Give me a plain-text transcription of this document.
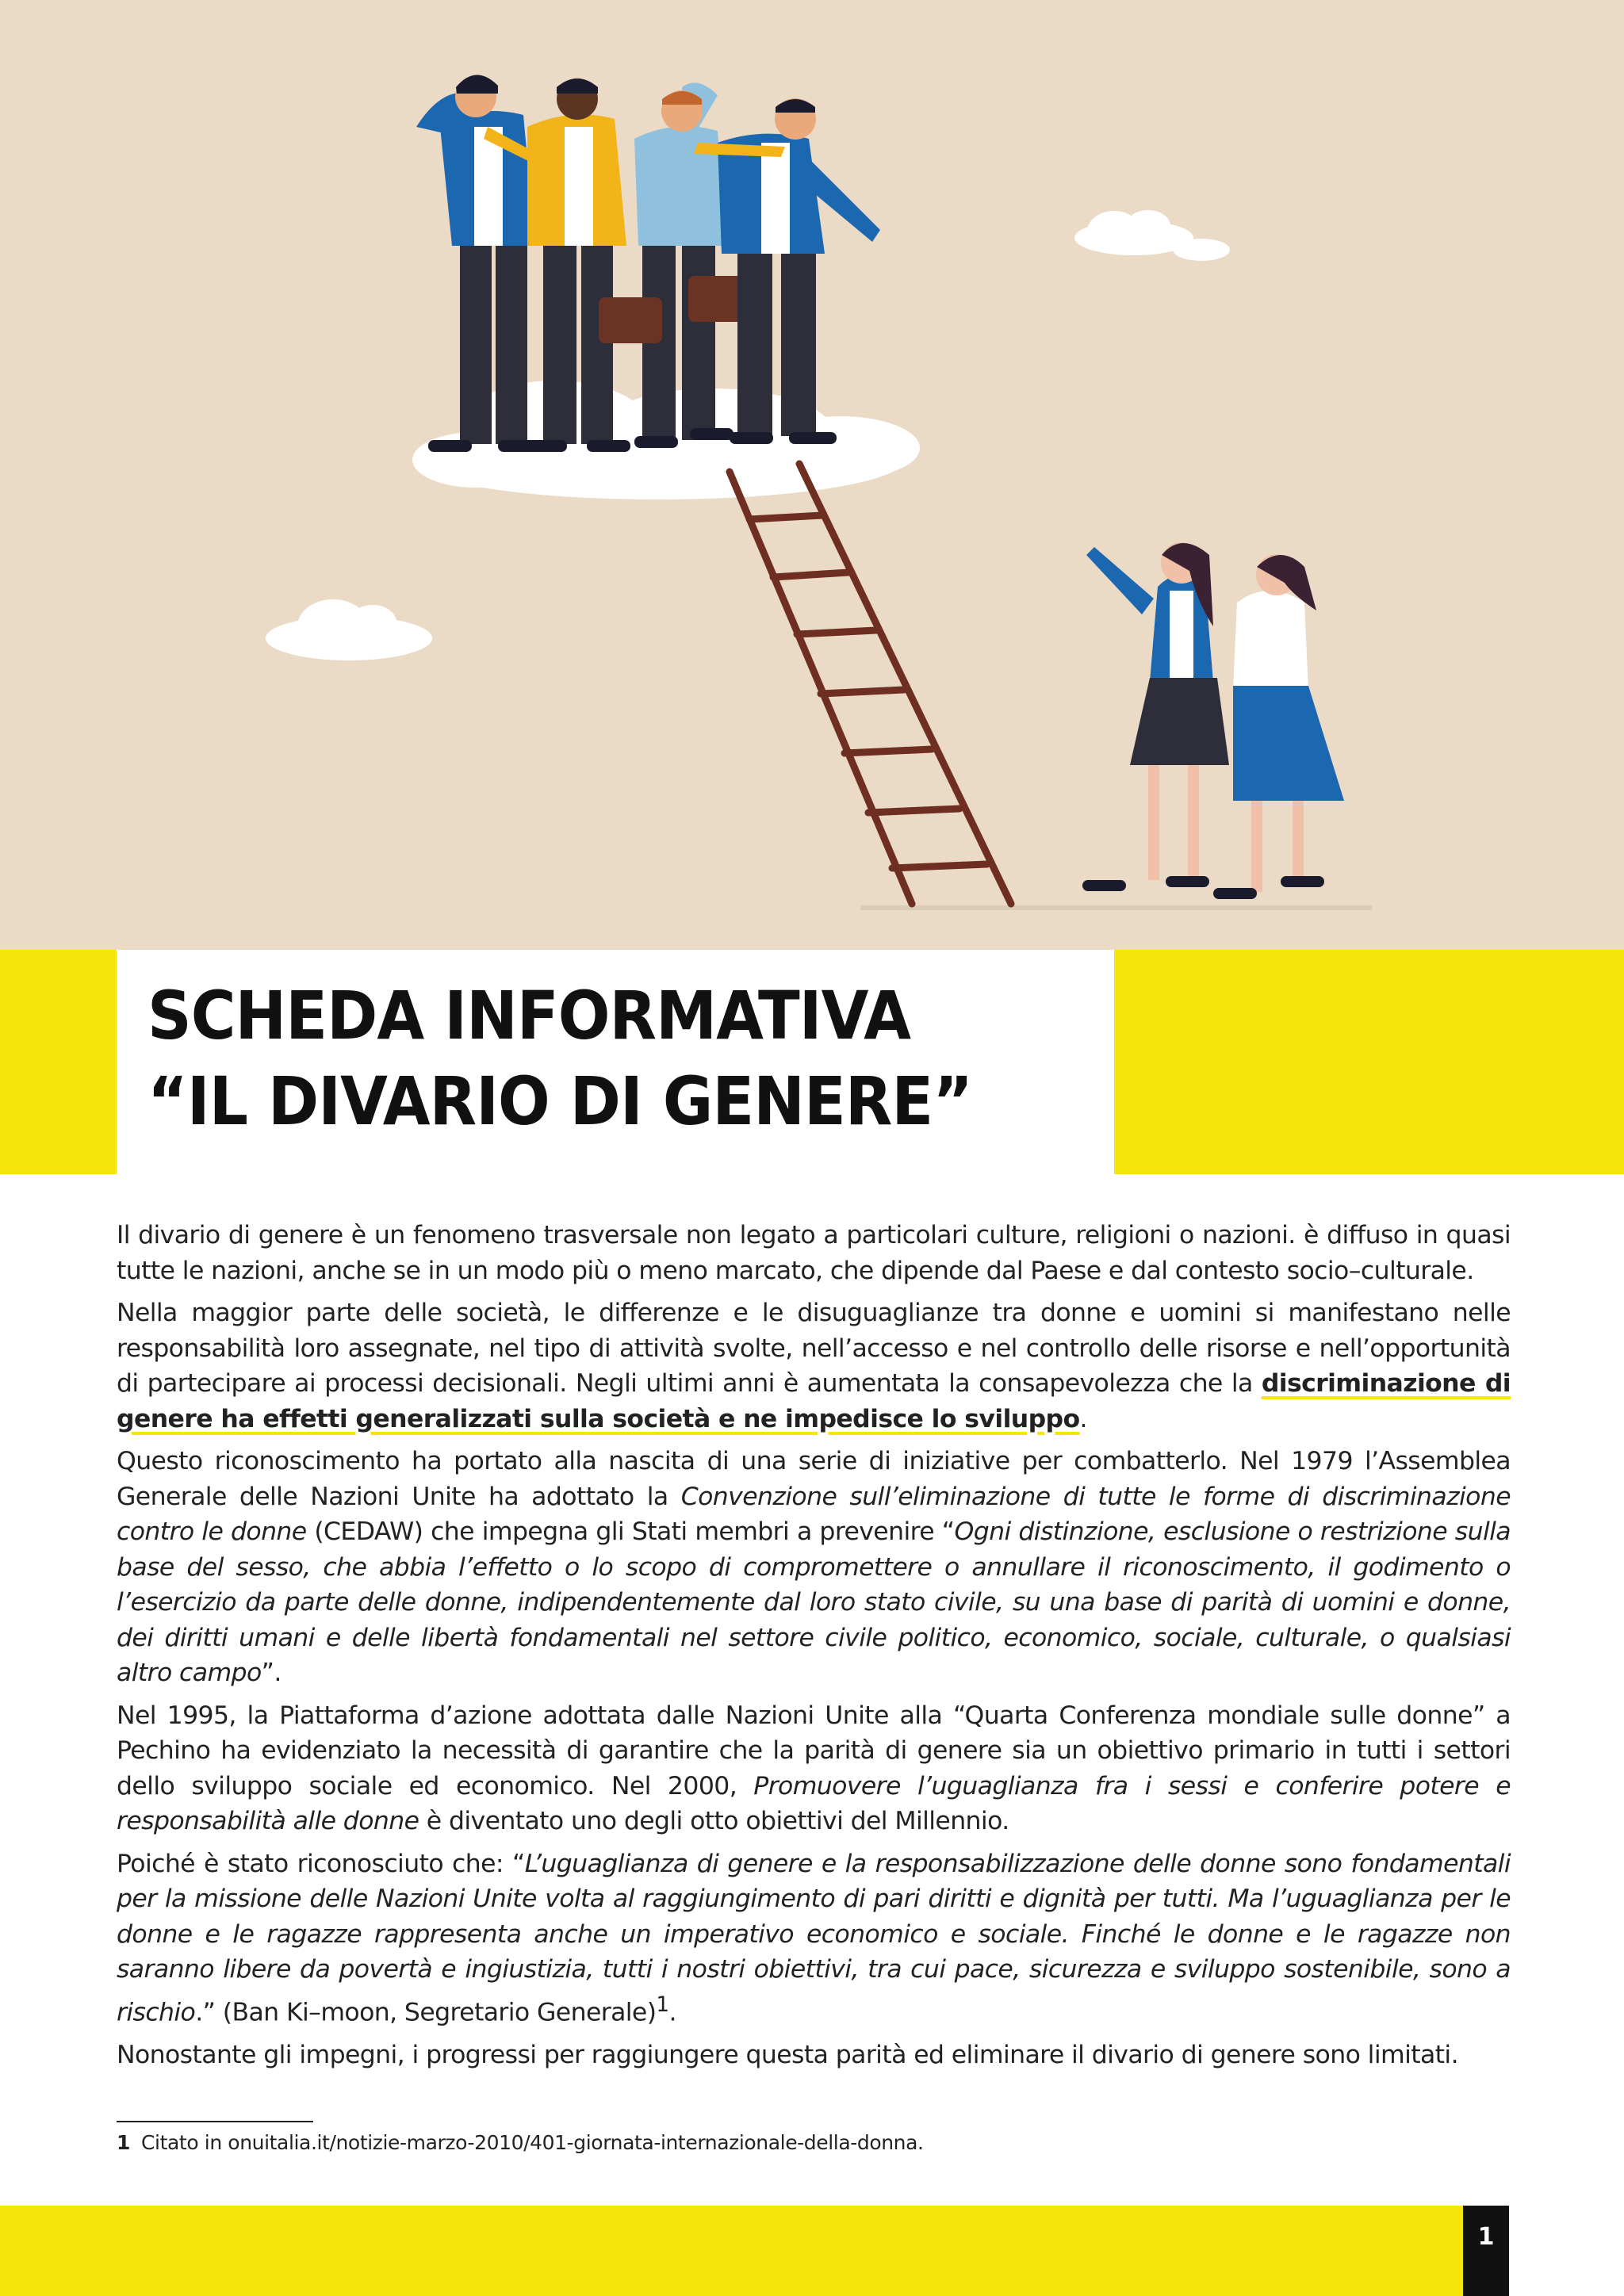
SCHEDA INFORMATIVA
“IL DIVARIO DI GENERE”

Il divario di genere è un fenomeno trasversale non legato a particolari culture, religioni o nazioni. è diffuso in quasi tutte le nazioni, anche se in un modo più o meno marcato, che dipende dal Paese e dal contesto socio–culturale.

Nella maggior parte delle società, le differenze e le disuguaglianze tra donne e uomini si manifestano nelle responsabilità loro assegnate, nel tipo di attività svolte, nell’accesso e nel controllo delle risorse e nell’opportunità di partecipare ai processi decisionali. Negli ultimi anni è aumentata la consapevolezza che la discriminazione di genere ha effetti generalizzati sulla società e ne impedisce lo sviluppo.

Questo riconoscimento ha portato alla nascita di una serie di iniziative per combatterlo. Nel 1979 l’Assemblea Generale delle Nazioni Unite ha adottato la Convenzione sull’eliminazione di tutte le forme di discriminazione contro le donne (CEDAW) che impegna gli Stati membri a prevenire “Ogni distinzione, esclusione o restrizione sulla base del sesso, che abbia l’effetto o lo scopo di compromettere o annullare il riconoscimento, il godimento o l’esercizio da parte delle donne, indipendentemente dal loro stato civile, su una base di parità di uomini e donne, dei diritti umani e delle libertà fondamentali nel settore civile politico, economico, sociale, culturale, o qualsiasi altro campo”.

Nel 1995, la Piattaforma d’azione adottata dalle Nazioni Unite alla “Quarta Conferenza mondiale sulle donne” a Pechino ha evidenziato la necessità di garantire che la parità di genere sia un obiettivo primario in tutti i settori dello sviluppo sociale ed economico. Nel 2000, Promuovere l’uguaglianza fra i sessi e conferire potere e responsabilità alle donne è diventato uno degli otto obiettivi del Millennio.

Poiché è stato riconosciuto che: “L’uguaglianza di genere e la responsabilizzazione delle donne sono fondamentali per la missione delle Nazioni Unite volta al raggiungimento di pari diritti e dignità per tutti. Ma l’uguaglianza per le donne e le ragazze rappresenta anche un imperativo economico e sociale. Finché le donne e le ragazze non saranno libere da povertà e ingiustizia, tutti i nostri obiettivi, tra cui pace, sicurezza e sviluppo sostenibile, sono a rischio.” (Ban Ki–moon, Segretario Generale)$^1$.

Nonostante gli impegni, i progressi per raggiungere questa parità ed eliminare il divario di genere sono limitati.

1 Citato in onuitalia.it/notizie-marzo-2010/401-giornata-internazionale-della-donna.
1
